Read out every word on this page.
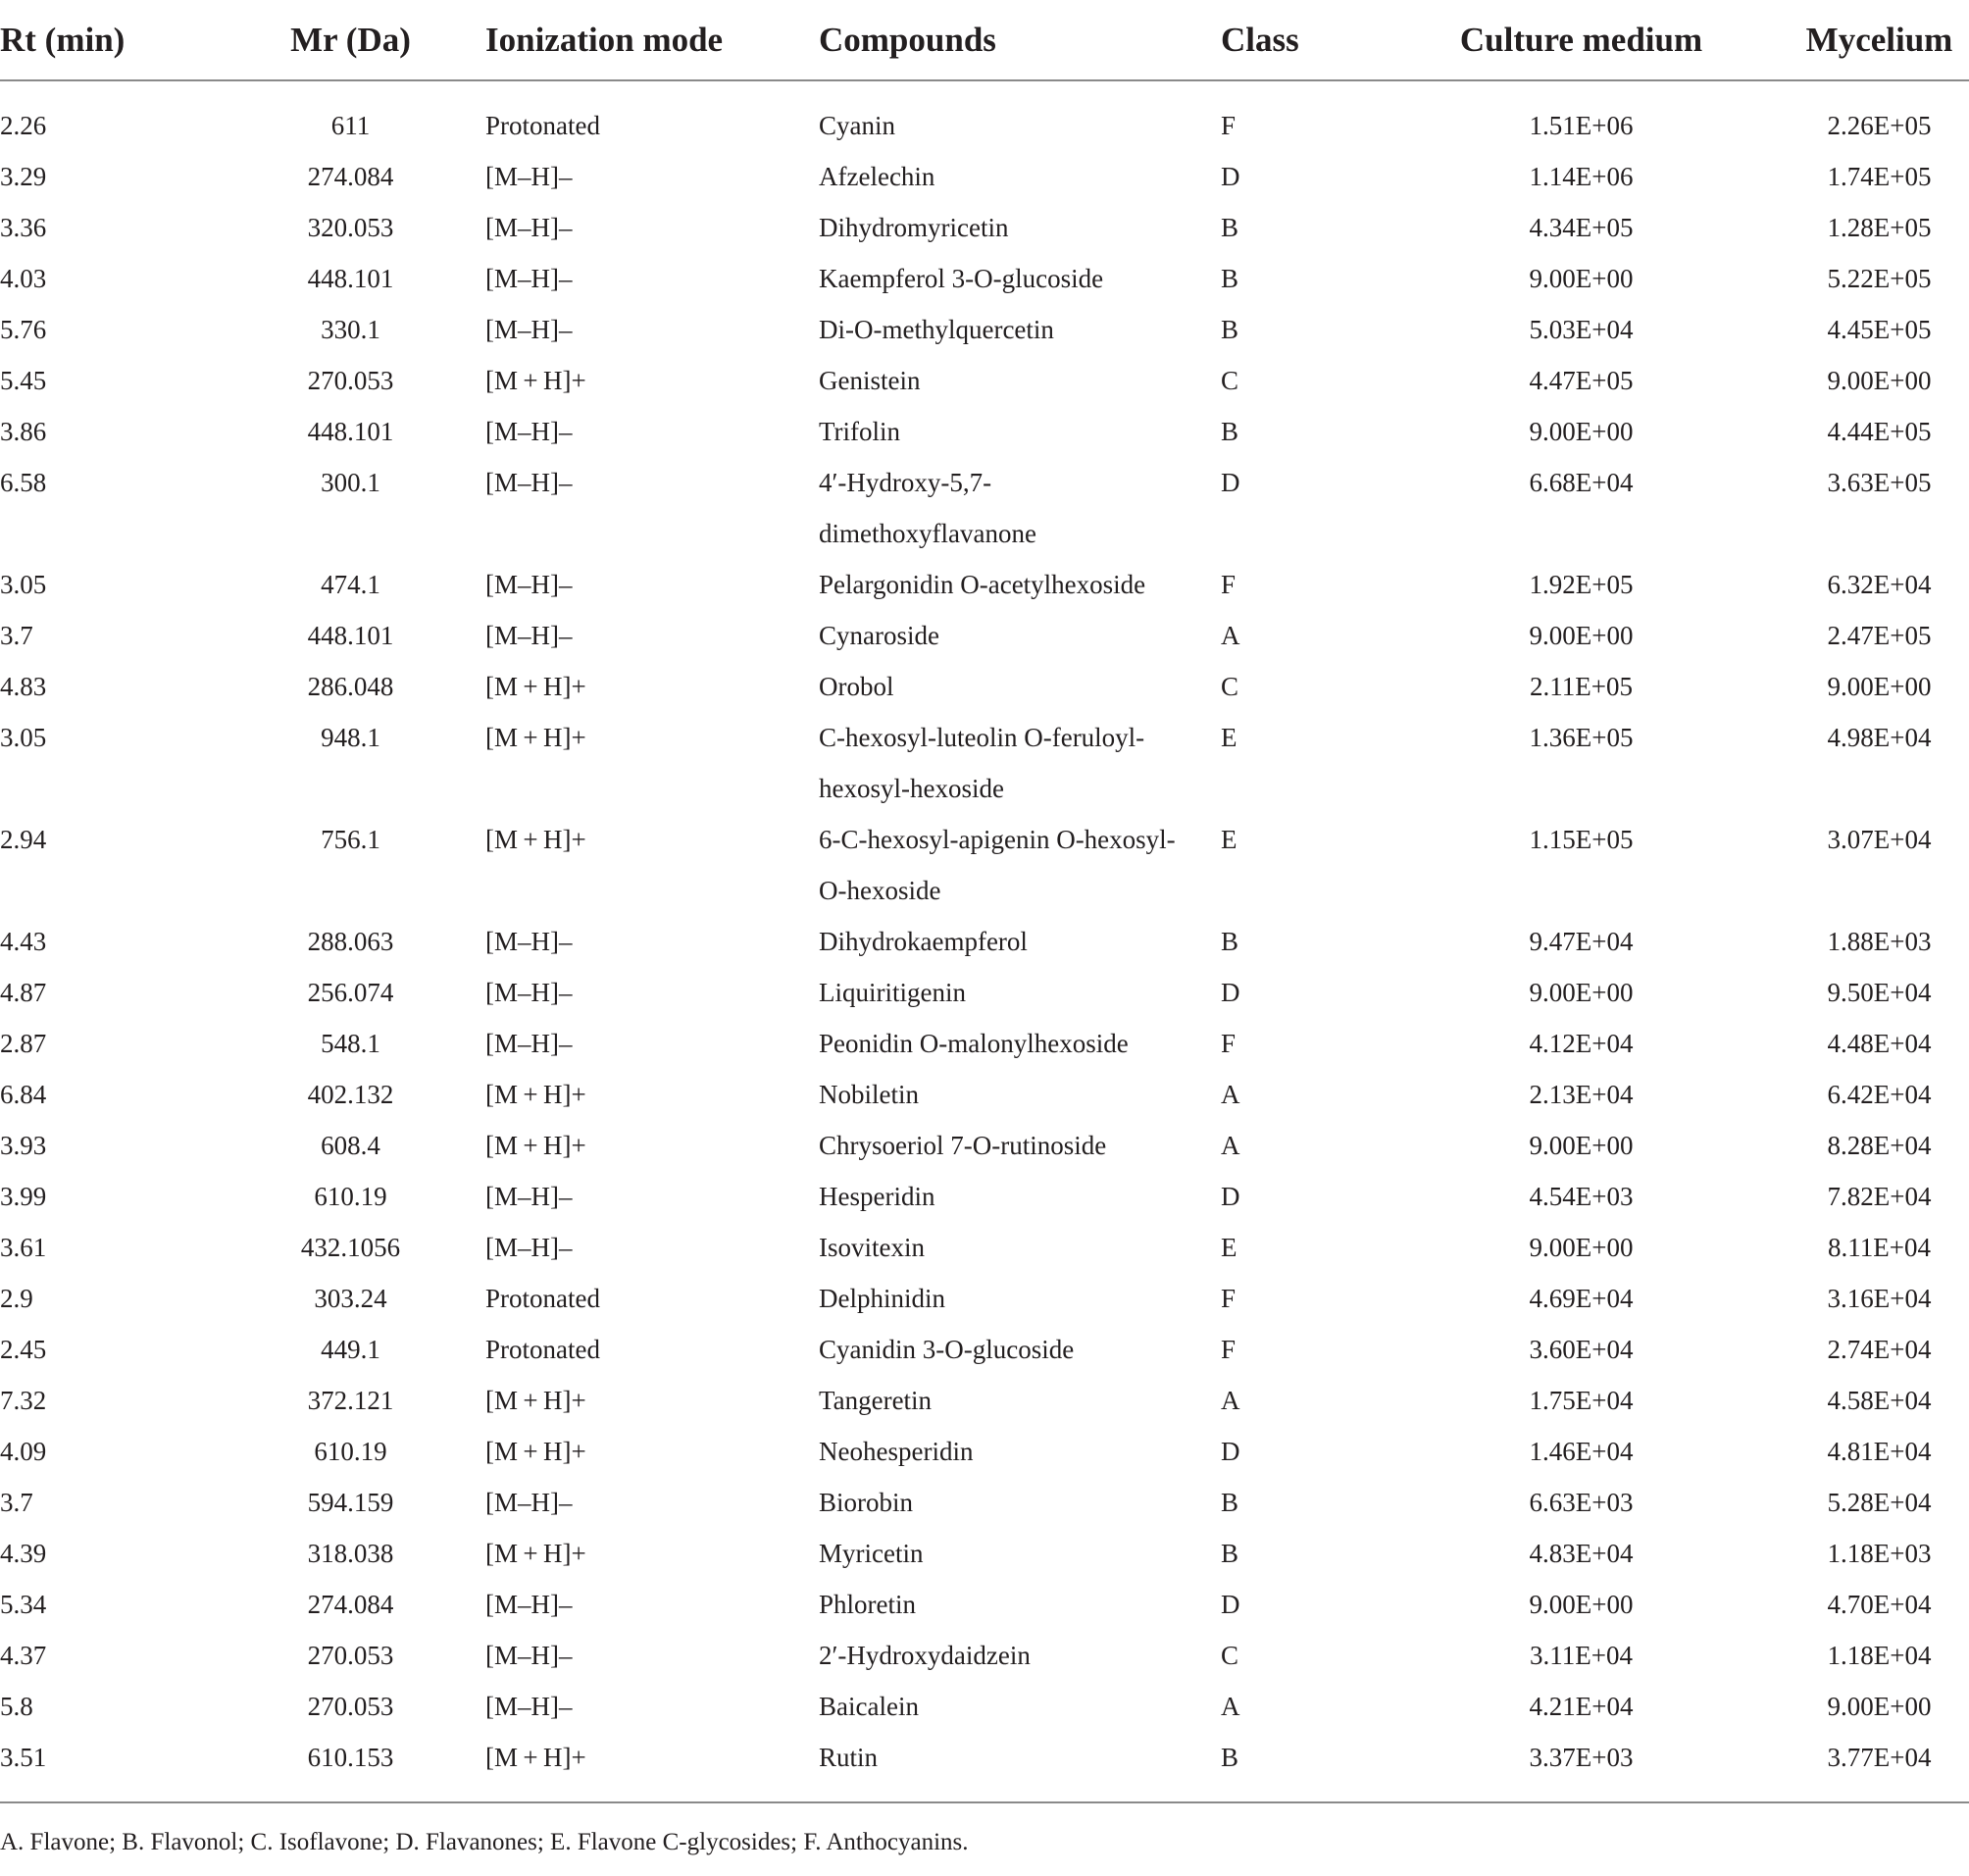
Rt (min)	Mr (Da)	Ionization mode	Compounds	Class	Culture medium	Mycelium
2.26	611	Protonated	Cyanin	F	1.51E+06	2.26E+05
3.29	274.084	[M–H]–	Afzelechin	D	1.14E+06	1.74E+05
3.36	320.053	[M–H]–	Dihydromyricetin	B	4.34E+05	1.28E+05
4.03	448.101	[M–H]–	Kaempferol 3-O-glucoside	B	9.00E+00	5.22E+05
5.76	330.1	[M–H]–	Di-O-methylquercetin	B	5.03E+04	4.45E+05
5.45	270.053	[M + H]+	Genistein	C	4.47E+05	9.00E+00
3.86	448.101	[M–H]–	Trifolin	B	9.00E+00	4.44E+05
6.58	300.1	[M–H]–	4′-Hydroxy-5,7-dimethoxyflavanone	D	6.68E+04	3.63E+05
3.05	474.1	[M–H]–	Pelargonidin O-acetylhexoside	F	1.92E+05	6.32E+04
3.7	448.101	[M–H]–	Cynaroside	A	9.00E+00	2.47E+05
4.83	286.048	[M + H]+	Orobol	C	2.11E+05	9.00E+00
3.05	948.1	[M + H]+	C-hexosyl-luteolin O-feruloyl-hexosyl-hexoside	E	1.36E+05	4.98E+04
2.94	756.1	[M + H]+	6-C-hexosyl-apigenin O-hexosyl-O-hexoside	E	1.15E+05	3.07E+04
4.43	288.063	[M–H]–	Dihydrokaempferol	B	9.47E+04	1.88E+03
4.87	256.074	[M–H]–	Liquiritigenin	D	9.00E+00	9.50E+04
2.87	548.1	[M–H]–	Peonidin O-malonylhexoside	F	4.12E+04	4.48E+04
6.84	402.132	[M + H]+	Nobiletin	A	2.13E+04	6.42E+04
3.93	608.4	[M + H]+	Chrysoeriol 7-O-rutinoside	A	9.00E+00	8.28E+04
3.99	610.19	[M–H]–	Hesperidin	D	4.54E+03	7.82E+04
3.61	432.1056	[M–H]–	Isovitexin	E	9.00E+00	8.11E+04
2.9	303.24	Protonated	Delphinidin	F	4.69E+04	3.16E+04
2.45	449.1	Protonated	Cyanidin 3-O-glucoside	F	3.60E+04	2.74E+04
7.32	372.121	[M + H]+	Tangeretin	A	1.75E+04	4.58E+04
4.09	610.19	[M + H]+	Neohesperidin	D	1.46E+04	4.81E+04
3.7	594.159	[M–H]–	Biorobin	B	6.63E+03	5.28E+04
4.39	318.038	[M + H]+	Myricetin	B	4.83E+04	1.18E+03
5.34	274.084	[M–H]–	Phloretin	D	9.00E+00	4.70E+04
4.37	270.053	[M–H]–	2′-Hydroxydaidzein	C	3.11E+04	1.18E+04
5.8	270.053	[M–H]–	Baicalein	A	4.21E+04	9.00E+00
3.51	610.153	[M + H]+	Rutin	B	3.37E+03	3.77E+04

A. Flavone; B. Flavonol; C. Isoflavone; D. Flavanones; E. Flavone C-glycosides; F. Anthocyanins.
